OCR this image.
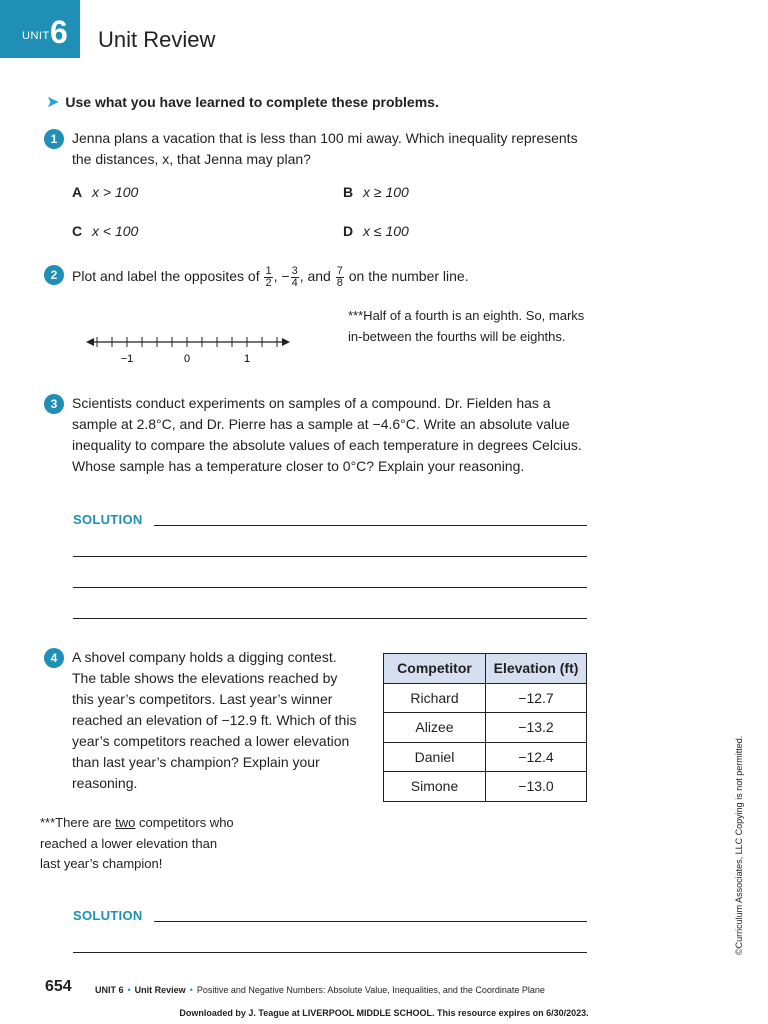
UNIT 6 Unit Review
➤ Use what you have learned to complete these problems.
1	Jenna plans a vacation that is less than 100 mi away. Which inequality represents the distances, x, that Jenna may plan?
A x > 100	B x ≥ 100
C x < 100	D x ≤ 100
2	Plot and label the opposites of $\frac{1}{2}$ , − $\frac{3}{4}$ , and $\frac{7}{8}$ on the number line.
−1	0	1
***Half of a fourth is an eighth. So, marks in-between the fourths will be eighths.
3	Scientists conduct experiments on samples of a compound. Dr. Fielden has a sample at 2.8°C, and Dr. Pierre has a sample at −4.6°C. Write an absolute value inequality to compare the absolute values of each temperature in degrees Celcius. Whose sample has a temperature closer to 0°C? Explain your reasoning.
SOLUTION
4	A shovel company holds a digging contest. The table shows the elevations reached by this year’s competitors. Last year’s winner reached an elevation of −12.9 ft. Which of this year’s competitors reached a lower elevation than last year’s champion? Explain your reasoning.
Competitor	Elevation (ft)
Richard	−12.7
Alizee	−13.2
Daniel	−12.4
Simone	−13.0
***There are two competitors who reached a lower elevation than last year’s champion!
SOLUTION	©Curriculum Associates, LLC Copying is not permitted.
654	UNIT 6 • Unit Review • Positive and Negative Numbers: Absolute Value, Inequalities, and the Coordinate Plane
Downloaded by J. Teague at LIVERPOOL MIDDLE SCHOOL. This resource expires on 6/30/2023.
